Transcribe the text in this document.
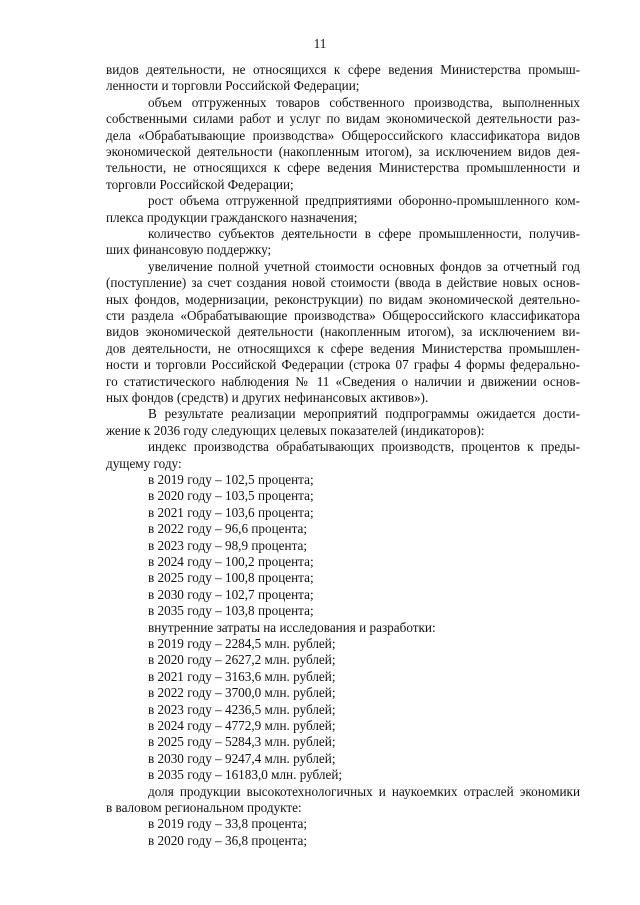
11
видов деятельности, не относящихся к сфере ведения Министерства промыш-
ленности и торговли Российской Федерации;
объем отгруженных товаров собственного производства, выполненных
собственными силами работ и услуг по видам экономической деятельности раз-
дела «Обрабатывающие производства» Общероссийского классификатора видов
экономической деятельности (накопленным итогом), за исключением видов дея-
тельности, не относящихся к сфере ведения Министерства промышленности и
торговли Российской Федерации;
рост объема отгруженной предприятиями оборонно-промышленного ком-
плекса продукции гражданского назначения;
количество субъектов деятельности в сфере промышленности, получив-
ших финансовую поддержку;
увеличение полной учетной стоимости основных фондов за отчетный год
(поступление) за счет создания новой стоимости (ввода в действие новых основ-
ных фондов, модернизации, реконструкции) по видам экономической деятельно-
сти раздела «Обрабатывающие производства» Общероссийского классификатора
видов экономической деятельности (накопленным итогом), за исключением ви-
дов деятельности, не относящихся к сфере ведения Министерства промышлен-
ности и торговли Российской Федерации (строка 07 графы 4 формы федерально-
го статистического наблюдения № 11 «Сведения о наличии и движении основ-
ных фондов (средств) и других нефинансовых активов»).
В результате реализации мероприятий подпрограммы ожидается дости-
жение к 2036 году следующих целевых показателей (индикаторов):
индекс производства обрабатывающих производств, процентов к преды-
дущему году:
в 2019 году – 102,5 процента;
в 2020 году – 103,5 процента;
в 2021 году – 103,6 процента;
в 2022 году – 96,6 процента;
в 2023 году – 98,9 процента;
в 2024 году – 100,2 процента;
в 2025 году – 100,8 процента;
в 2030 году – 102,7 процента;
в 2035 году – 103,8 процента;
внутренние затраты на исследования и разработки:
в 2019 году – 2284,5 млн. рублей;
в 2020 году – 2627,2 млн. рублей;
в 2021 году – 3163,6 млн. рублей;
в 2022 году – 3700,0 млн. рублей;
в 2023 году – 4236,5 млн. рублей;
в 2024 году – 4772,9 млн. рублей;
в 2025 году – 5284,3 млн. рублей;
в 2030 году – 9247,4 млн. рублей;
в 2035 году – 16183,0 млн. рублей;
доля продукции высокотехнологичных и наукоемких отраслей экономики
в валовом региональном продукте:
в 2019 году – 33,8 процента;
в 2020 году – 36,8 процента;
